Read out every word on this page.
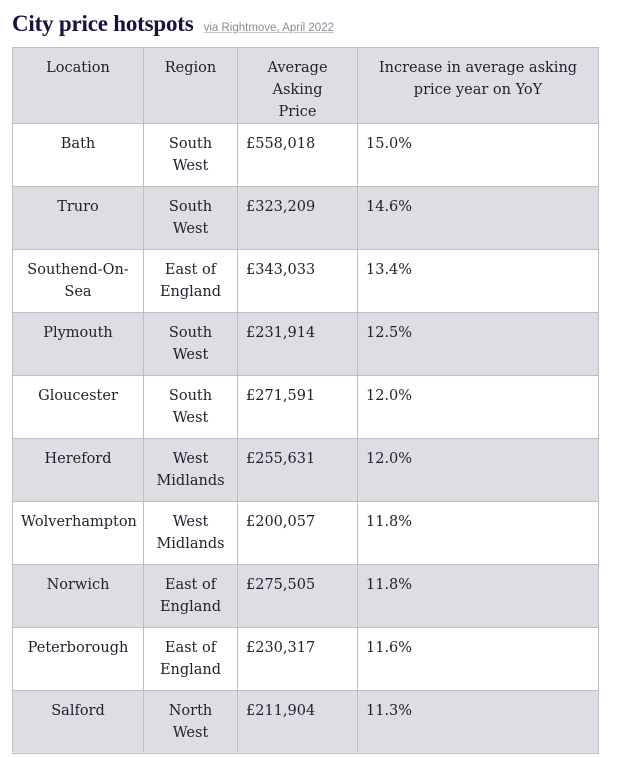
City price hotspots via Rightmove, April 2022
Location	Region	Average Asking Price	Increase in average asking price year on YoY
Bath	South West	£558,018	15.0%
Truro	South West	£323,209	14.6%
Southend-On-Sea	East of England	£343,033	13.4%
Plymouth	South West	£231,914	12.5%
Gloucester	South West	£271,591	12.0%
Hereford	West Midlands	£255,631	12.0%
Wolverhampton	West Midlands	£200,057	11.8%
Norwich	East of England	£275,505	11.8%
Peterborough	East of England	£230,317	11.6%
Salford	North West	£211,904	11.3%
